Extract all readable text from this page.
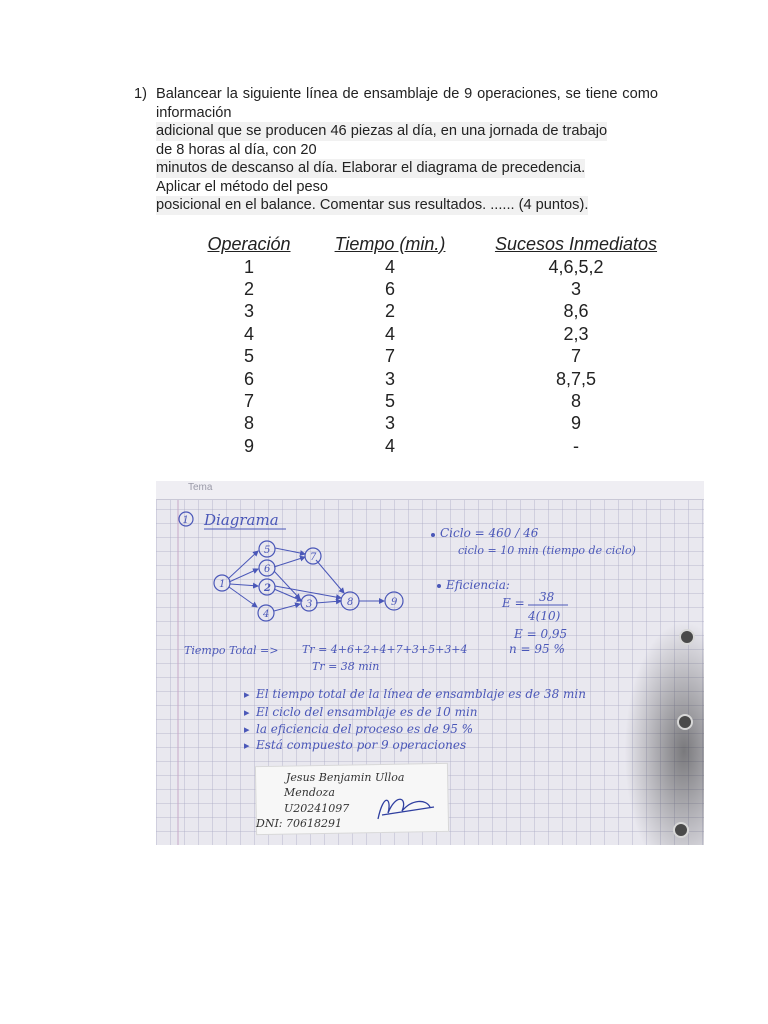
1) Balancear la siguiente línea de ensamblaje de 9 operaciones, se tiene como información
adicional que se producen 46 piezas al día, en una jornada de trabajo
de 8 horas al día, con 20
minutos de descanso al día. Elaborar el diagrama de precedencia.
Aplicar el método del peso
posicional en el balance. Comentar sus resultados. ...... (4 puntos).
Operación	Tiempo (min.)	Sucesos Inmediatos
1	4	4,6,5,2
2	6	3
3	2	8,6
4	4	2,3
5	7	7
6	3	8,7,5
7	5	8
8	3	9
9	4	-
1 Diagrama
1
5
6
2
4
7
3	8	9
Ciclo = 460 / 46
ciclo = 10 min (tiempo de ciclo)
Eficiencia:
E = 38
4(10)
E = 0,95
n = 95 %
Tiempo Total => Tr = 4+6+2+4+7+3+5+3+4
Tr = 38 min
▸ El tiempo total de la línea de ensamblaje es de 38 min
▸ El ciclo del ensamblaje es de 10 min
▸ la eficiencia del proceso es de 95 %
▸ Está compuesto por 9 operaciones
Jesus Benjamin Ulloa
Mendoza
U20241097
DNI: 70618291
Tema
